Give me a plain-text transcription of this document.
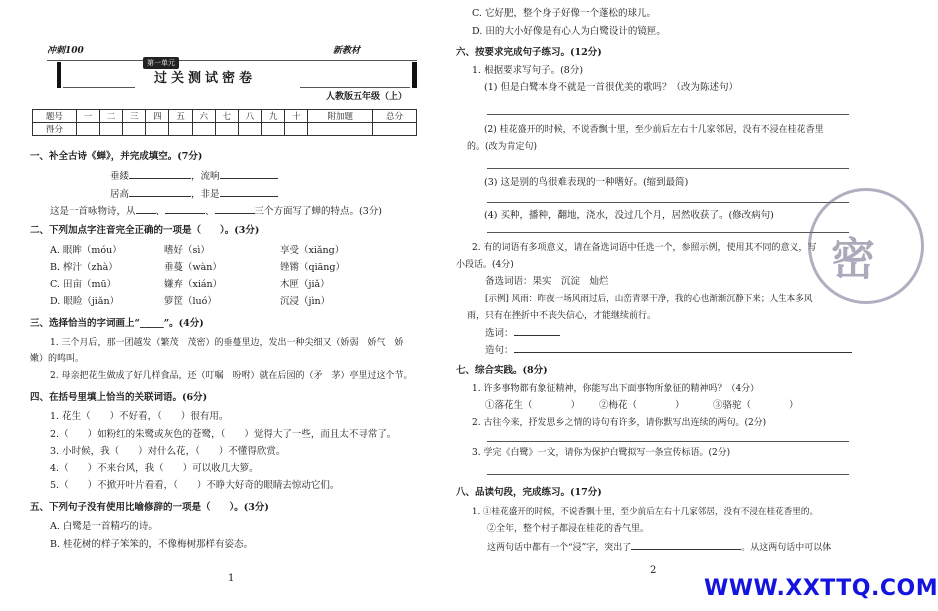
冲刺100	新教材
第一单元
过关测试密卷
人教版五年级（上）
题号	一	二	三	四	五	六	七	八	九	十	附加题	总分
得分												
一、补全古诗《蝉》，并完成填空。(7分)
垂緌	，流响
居高	，非是
这是一首咏物诗，从 、	、	三个方面写了蝉的特点。(3分)
二、下列加点字注音完全正确的一项是（　　）。(3分)
A. 眼眸（móu）	嗜好（sì）	享受（xiǎng）
B. 榨汁（zhà）	垂蔓（wàn）	锉锵（qiāng）
C. 田亩（mū）	嫌弃（xián）	木匣（jiǎ）
D. 眼睑（jiǎn）	箩筐（luó）	沉浸（jìn）
三、选择恰当的字词画上“_____”。(4分)
1. 三个月后，那一团越发（繁茂　茂密）的垂蔓里边，发出一种尖细又（娇弱　娇气　娇
嫩）的鸣叫。
2. 母亲把花生做成了好几样食品，还（叮嘱　吩咐）就在后园的（矛　茅）亭里过这个节。
四、在括号里填上恰当的关联词语。(6分)
1. 花生（　　）不好看，（　　）很有用。
2.（　　）如粉红的朱鹭或灰色的苍鹭，（　　）觉得大了一些，而且太不寻常了。
3. 小时候，我（　　）对什么花，（　　）不懂得欣赏。
4.（　　）不来台风，我（　　）可以收几大箩。
5.（　　）不掀开叶片看看，（　　）不睁大好奇的眼睛去惊动它们。
五、下列句子没有使用比喻修辞的一项是（　　）。(3分)
A. 白鹭是一首精巧的诗。
B. 桂花树的样子笨笨的，不像梅树那样有姿态。
1
C. 它好肥，整个身子好像一个蓬松的球儿。
D. 田的大小好像是有心人为白鹭设计的镜匣。
六、按要求完成句子练习。(12分)
1. 根据要求写句子。(8分)
(1) 但是白鹭本身不就是一首很优美的歌吗？（改为陈述句）
(2) 桂花盛开的时候，不说香飘十里，至少前后左右十几家邻居，没有不浸在桂花香里
的。(改为肯定句)
(3) 这是别的鸟很难表现的一种嗜好。(缩到最简)
(4) 买种，播种，翻地，浇水，没过几个月，居然收获了。(修改病句)
2. 有的词语有多项意义，请在备选词语中任选一个，参照示例，使用其不同的意义，写
小段话。(4分)
备选词语：果实　沉淀　灿烂
[示例] 风雨：昨夜一场风雨过后，山峦青翠干净，我的心也渐渐沉静下来；人生本多风
雨，只有在挫折中不丧失信心，才能继续前行。
选词：
造句：
七、综合实践。(8分)
1. 许多事物都有象征精神，你能写出下面事物所象征的精神吗？（4分）
①落花生（　　　　） ②梅花（　　　　）	③骆驼（　　　　）
2. 古往今来，抒发思乡之情的诗句有许多，请你默写出连续的两句。(2分)
3. 学完《白鹭》一文，请你为保护白鹭拟写一条宣传标语。(2分)
八、品读句段，完成练习。(17分)
1. ①桂花盛开的时候，不说香飘十里，至少前后左右十几家邻居，没有不浸在桂花香里的。
②全年，整个村子都浸在桂花的香气里。
这两句话中都有一个“浸”字，突出了	。从这两句话中可以体
2
密
WWW.XXTTQ.COM
